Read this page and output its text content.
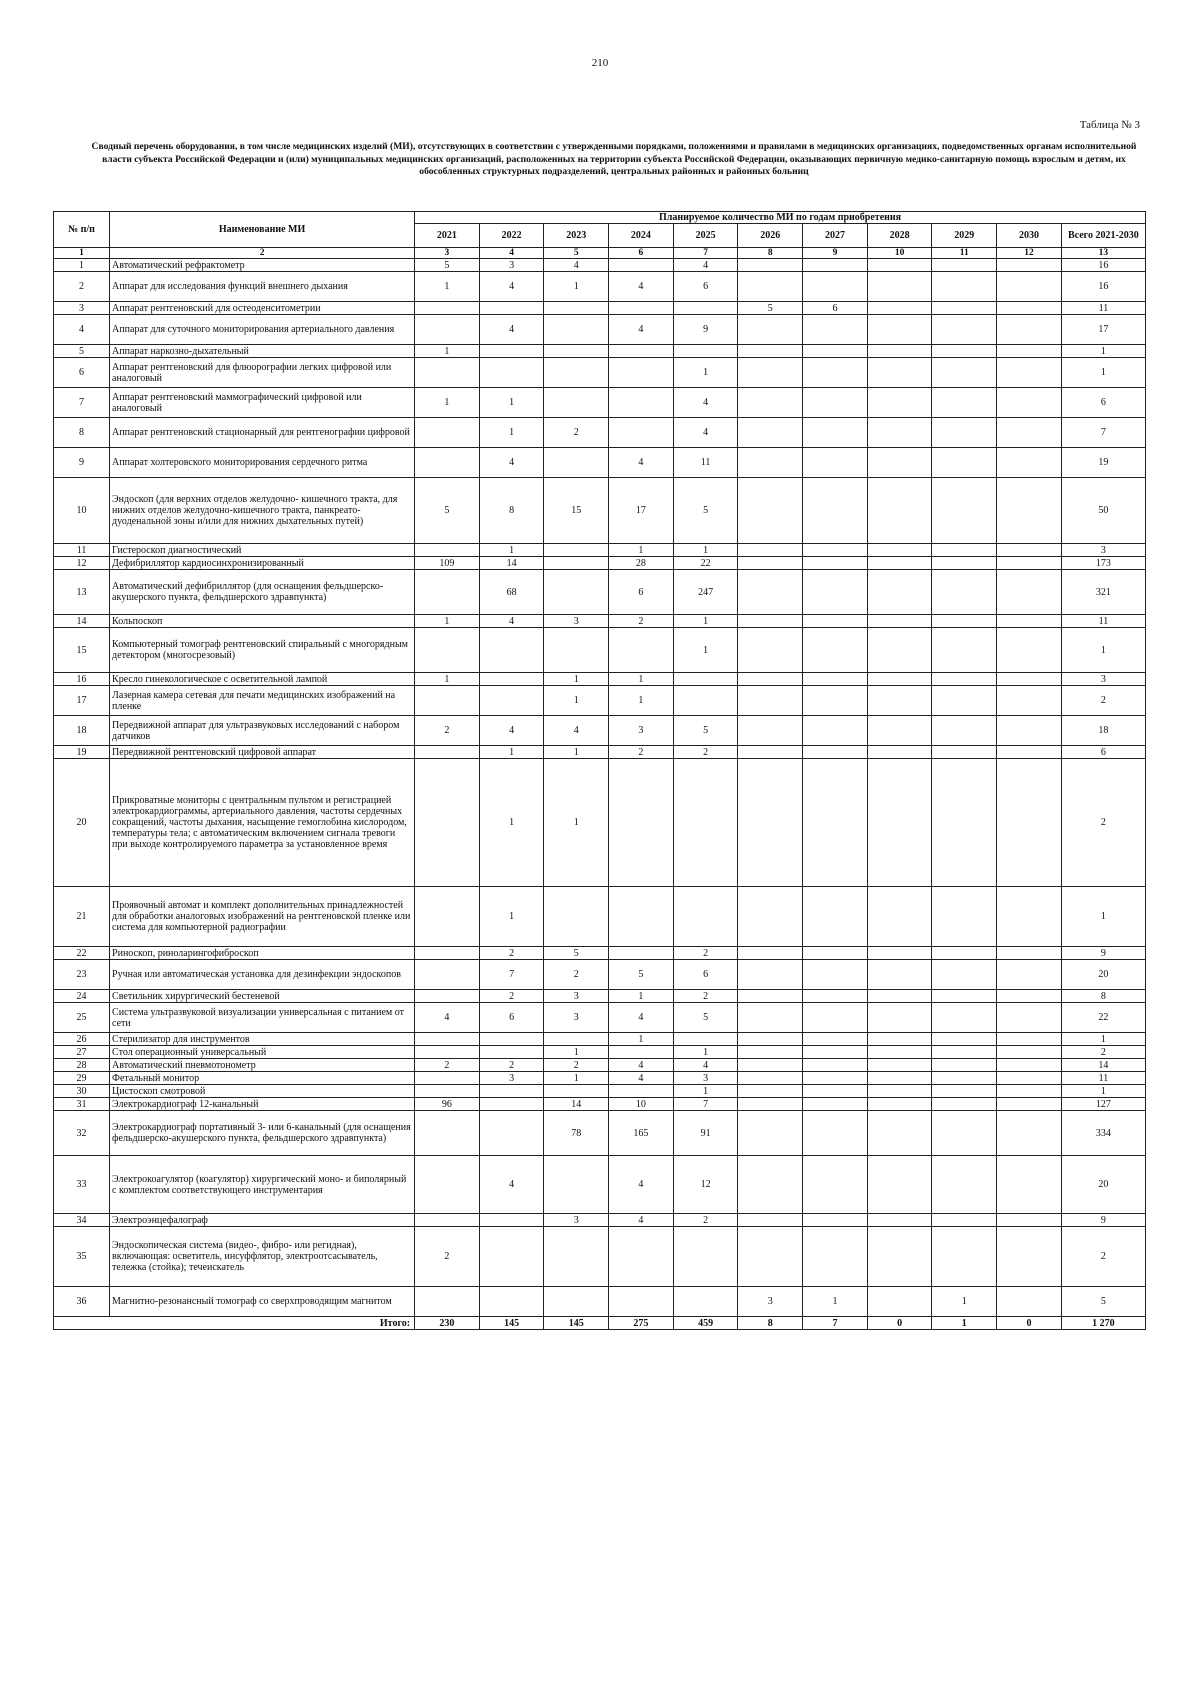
210
Таблица № 3
Сводный перечень оборудования, в том числе медицинских изделий (МИ), отсутствующих в соответствии с утвержденными порядками, положениями и правилами в медицинских организациях, подведомственных органам исполнительной власти субъекта Российской Федерации и (или) муниципальных медицинских организаций, расположенных на территории субъекта Российской Федерации, оказывающих первичную медико-санитарную помощь взрослым и детям, их обособленных структурных подразделений, центральных районных и районных больниц
№ п/п	Наименование МИ	Планируемое количество МИ по годам приобретения										
		2021	2022	2023	2024	2025	2026	2027	2028	2029	2030	Всего 2021-2030
1	2	3	4	5	6	7	8	9	10	11	12	13
1	Автоматический рефрактометр	5	3	4		4						16
2	Аппарат для исследования функций внешнего дыхания	1	4	1	4	6						16
3	Аппарат рентгеновский для остеоденситометрии						5	6				11
4	Аппарат для суточного мониторирования артериального давления		4		4	9						17
5	Аппарат наркозно-дыхательный	1										1
6	Аппарат рентгеновский для флюорографии легких цифровой или аналоговый					1						1
7	Аппарат рентгеновский маммографический цифровой или аналоговый	1	1			4						6
8	Аппарат рентгеновский стационарный для рентгенографии цифровой		1	2		4						7
9	Аппарат холтеровского мониторирования сердечного ритма		4		4	11						19
10	Эндоскоп (для верхних отделов желудочно- кишечного тракта, для нижних отделов желудочно-кишечного тракта, панкреато-дуоденальной зоны и/или для нижних дыхательных путей)	5	8	15	17	5						50
11	Гистероскоп диагностический		1		1	1						3
12	Дефибриллятор кардиосинхронизированный	109	14		28	22						173
13	Автоматический дефибриллятор (для оснащения фельдшерско-акушерского пункта, фельдшерского здравпункта)		68		6	247						321
14	Кольпоскоп	1	4	3	2	1						11
15	Компьютерный томограф рентгеновский спиральный с многорядным детектором (многосрезовый)					1						1
16	Кресло гинекологическое с осветительной лампой	1		1	1							3
17	Лазерная камера сетевая для печати медицинских изображений на пленке			1	1							2
18	Передвижной аппарат для ультразвуковых исследований с набором датчиков	2	4	4	3	5						18
19	Передвижной рентгеновский цифровой аппарат		1	1	2	2						6
20	Прикроватные мониторы с центральным пультом и регистрацией электрокардиограммы, артериального давления, частоты сердечных сокращений, частоты дыхания, насыщение гемоглобина кислородом, температуры тела; с автоматическим включением сигнала тревоги при выходе контролируемого параметра за установленное время		1	1								2
21	Проявочный автомат и комплект дополнительных принадлежностей для обработки аналоговых изображений на рентгеновской пленке или система для компьютерной радиографии		1									1
22	Риноскоп, риноларингофиброскоп		2	5		2						9
23	Ручная или автоматическая установка для дезинфекции эндоскопов		7	2	5	6						20
24	Светильник хирургический бестеневой		2	3	1	2						8
25	Система ультразвуковой визуализации универсальная с питанием от сети	4	6	3	4	5						22
26	Стерилизатор для инструментов				1							1
27	Стол операционный универсальный			1		1						2
28	Автоматический пневмотонометр	2	2	2	4	4						14
29	Фетальный монитор		3	1	4	3						11
30	Цистоскоп смотровой					1						1
31	Электрокардиограф 12-канальный	96		14	10	7						127
32	Электрокардиограф портативный 3- или 6-канальный (для оснащения фельдшерско-акушерского пункта, фельдшерского здравпункта)			78	165	91						334
33	Электрокоагулятор (коагулятор) хирургический моно- и биполярный с комплектом соответствующего инструментария		4		4	12						20
34	Электроэнцефалограф			3	4	2						9
35	Эндоскопическая система (видео-, фибро- или регидная), включающая: осветитель, инсуффлятор, электроотсасыватель, тележка (стойка); течеискатель	2										2
36	Магнитно-резонансный томограф со сверхпроводящим магнитом						3	1		1		5
Итого:		230	145	145	275	459	8	7	0	1	0	1 270
